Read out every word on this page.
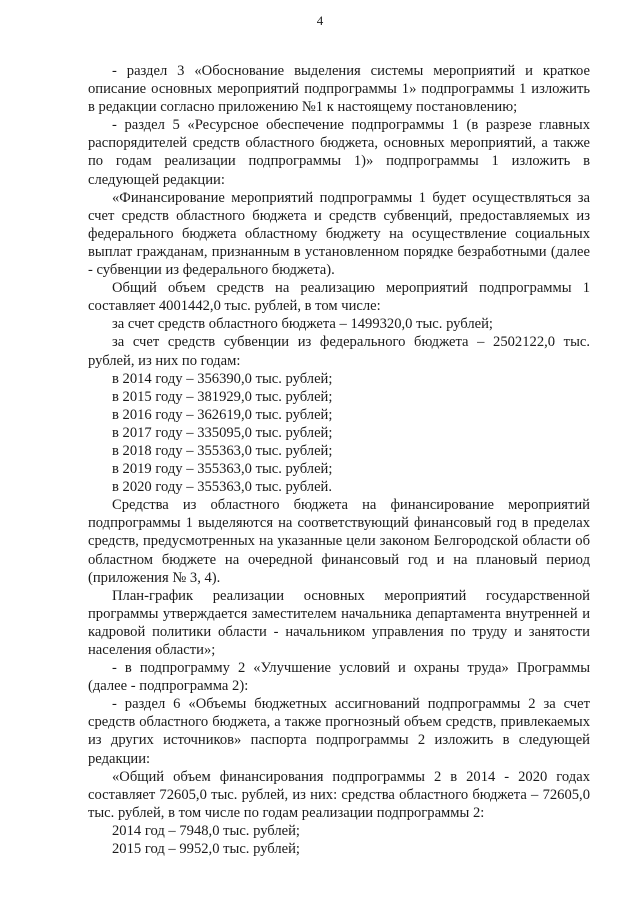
4

- раздел 3 «Обоснование выделения системы мероприятий и краткое описание основных мероприятий подпрограммы 1» подпрограммы 1 изложить в редакции согласно приложению №1 к настоящему постановлению;

- раздел 5 «Ресурсное обеспечение подпрограммы 1 (в разрезе главных распорядителей средств областного бюджета, основных мероприятий, а также по годам реализации подпрограммы 1)» подпрограммы 1 изложить в следующей редакции:

«Финансирование мероприятий подпрограммы 1 будет осуществляться за счет средств областного бюджета и средств субвенций, предоставляемых из федерального бюджета областному бюджету на осуществление социальных выплат гражданам, признанным в установленном порядке безработными (далее - субвенции из федерального бюджета).

Общий объем средств на реализацию мероприятий подпрограммы 1 составляет 4001442,0 тыс. рублей, в том числе:

за счет средств областного бюджета – 1499320,0 тыс. рублей;

за счет средств субвенции из федерального бюджета – 2502122,0 тыс. рублей, из них по годам:

в 2014 году – 356390,0 тыс. рублей;

в 2015 году – 381929,0 тыс. рублей;

в 2016 году – 362619,0 тыс. рублей;

в 2017 году – 335095,0 тыс. рублей;

в 2018 году – 355363,0 тыс. рублей;

в 2019 году – 355363,0 тыс. рублей;

в 2020 году – 355363,0 тыс. рублей.

Средства из областного бюджета на финансирование мероприятий подпрограммы 1 выделяются на соответствующий финансовый год в пределах средств, предусмотренных на указанные цели законом Белгородской области об областном бюджете на очередной финансовый год и на плановый период (приложения № 3, 4).

План-график реализации основных мероприятий государственной программы утверждается заместителем начальника департамента внутренней и кадровой политики области - начальником управления по труду и занятости населения области»;

- в подпрограмму 2 «Улучшение условий и охраны труда» Программы (далее - подпрограмма 2):

- раздел 6 «Объемы бюджетных ассигнований подпрограммы 2 за счет средств областного бюджета, а также прогнозный объем средств, привлекаемых из других источников» паспорта подпрограммы 2 изложить в следующей редакции:

«Общий объем финансирования подпрограммы 2 в 2014 - 2020 годах составляет 72605,0 тыс. рублей, из них: средства областного бюджета – 72605,0 тыс. рублей, в том числе по годам реализации подпрограммы 2:

2014 год – 7948,0 тыс. рублей;

2015 год – 9952,0 тыс. рублей;
